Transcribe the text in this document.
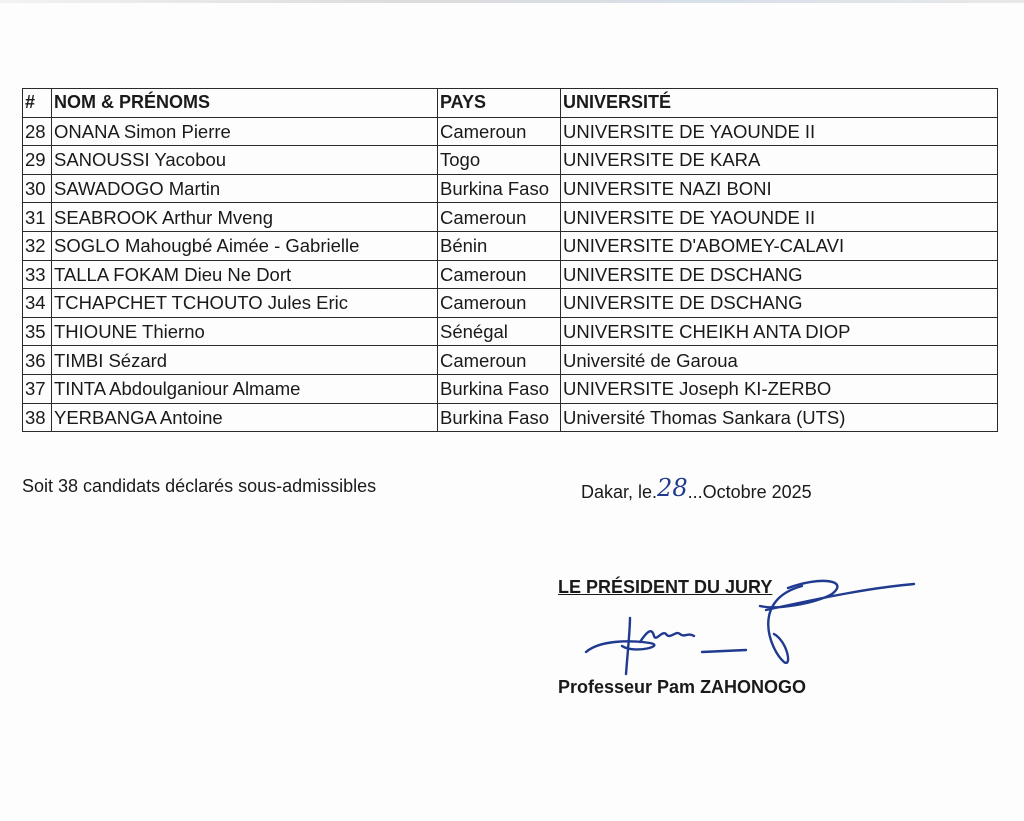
#	NOM & PRÉNOMS	PAYS	UNIVERSITÉ
28	ONANA Simon Pierre	Cameroun	UNIVERSITE DE YAOUNDE II
29	SANOUSSI Yacobou	Togo	UNIVERSITE DE KARA
30	SAWADOGO Martin	Burkina Faso	UNIVERSITE NAZI BONI
31	SEABROOK Arthur Mveng	Cameroun	UNIVERSITE DE YAOUNDE II
32	SOGLO Mahougbé Aimée - Gabrielle	Bénin	UNIVERSITE D'ABOMEY-CALAVI
33	TALLA FOKAM Dieu Ne Dort	Cameroun	UNIVERSITE DE DSCHANG
34	TCHAPCHET TCHOUTO Jules Eric	Cameroun	UNIVERSITE DE DSCHANG
35	THIOUNE Thierno	Sénégal	UNIVERSITE CHEIKH ANTA DIOP
36	TIMBI Sézard	Cameroun	Université de Garoua
37	TINTA Abdoulganiour Almame	Burkina Faso	UNIVERSITE Joseph KI-ZERBO
38	YERBANGA Antoine	Burkina Faso	Université Thomas Sankara (UTS)
Soit 38 candidats déclarés sous-admissibles	Dakar, le.28...Octobre 2025
LE PRÉSIDENT DU JURY
Professeur Pam ZAHONOGO
